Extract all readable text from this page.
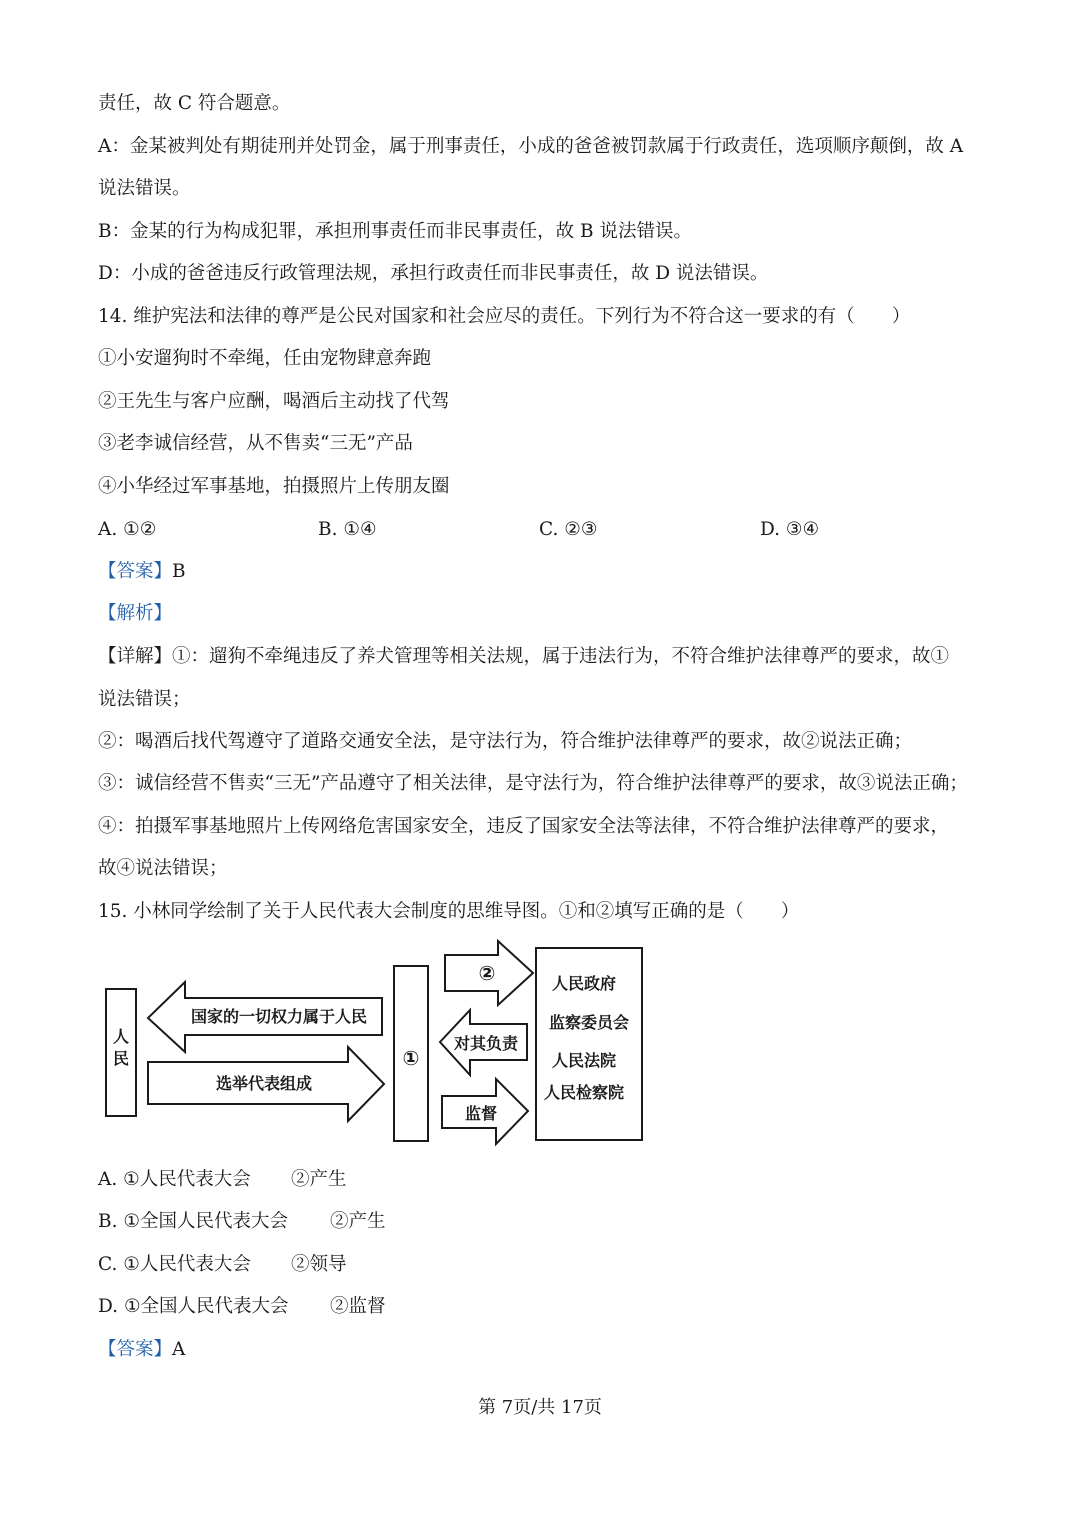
责任，故 C 符合题意。
A：金某被判处有期徒刑并处罚金，属于刑事责任，小成的爸爸被罚款属于行政责任，选项顺序颠倒，故 A
说法错误。
B：金某的行为构成犯罪，承担刑事责任而非民事责任，故 B 说法错误。
D：小成的爸爸违反行政管理法规，承担行政责任而非民事责任，故 D 说法错误。
14. 维护宪法和法律的尊严是公民对国家和社会应尽的责任。下列行为不符合这一要求的有（　　）
①小安遛狗时不牵绳，任由宠物肆意奔跑
②王先生与客户应酬，喝酒后主动找了代驾
③老李诚信经营，从不售卖“三无”产品
④小华经过军事基地，拍摄照片上传朋友圈
A. ①②	B. ①④	C. ②③	D. ③④
【答案】B
【解析】
【详解】①：遛狗不牵绳违反了养犬管理等相关法规，属于违法行为，不符合维护法律尊严的要求，故①
说法错误；
②：喝酒后找代驾遵守了道路交通安全法，是守法行为，符合维护法律尊严的要求，故②说法正确；
③：诚信经营不售卖“三无”产品遵守了相关法律，是守法行为，符合维护法律尊严的要求，故③说法正确；
④：拍摄军事基地照片上传网络危害国家安全，违反了国家安全法等法律，不符合维护法律尊严的要求，
故④说法错误；
15. 小林同学绘制了关于人民代表大会制度的思维导图。①和②填写正确的是（　　）
人
民
国家的一切权力属于人民
选举代表组成
①
②
对其负责
监督
人民政府
监察委员会
人民法院
人民检察院
A. ①人民代表大会 ②产生
B. ①全国人民代表大会 ②产生
C. ①人民代表大会 ②领导
D. ①全国人民代表大会 ②监督
【答案】A
第 7页/共 17页
